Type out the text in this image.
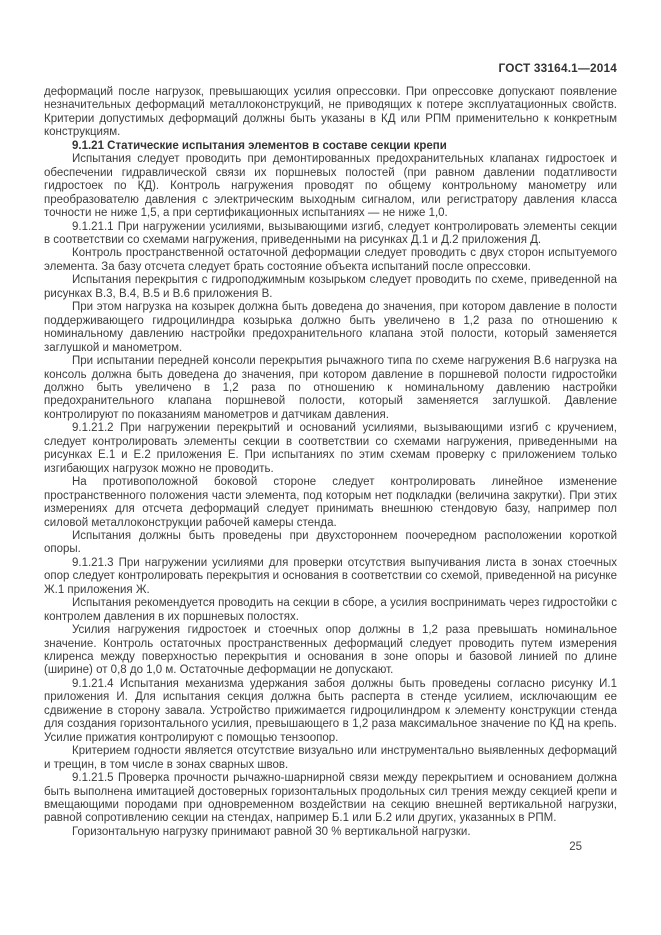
ГОСТ 33164.1—2014

деформаций после нагрузок, превышающих усилия опрессовки. При опрессовке допускают появление незначительных деформаций металлоконструкций, не приводящих к потере эксплуатационных свойств. Критерии допустимых деформаций должны быть указаны в КД или РПМ применительно к конкретным конструкциям.

9.1.21 Статические испытания элементов в составе секции крепи

Испытания следует проводить при демонтированных предохранительных клапанах гидростоек и обеспечении гидравлической связи их поршневых полостей (при равном давлении податливости гидростоек по КД). Контроль нагружения проводят по общему контрольному манометру или преобразователю давления с электрическим выходным сигналом, или регистратору давления класса точности не ниже 1,5, а при сертификационных испытаниях — не ниже 1,0.

9.1.21.1 При нагружении усилиями, вызывающими изгиб, следует контролировать элементы секции в соответствии со схемами нагружения, приведенными на рисунках Д.1 и Д.2 приложения Д.

Контроль пространственной остаточной деформации следует проводить с двух сторон испытуемого элемента. За базу отсчета следует брать состояние объекта испытаний после опрессовки.

Испытания перекрытия с гидроподжимным козырьком следует проводить по схеме, приведенной на рисунках В.3, В.4, В.5 и В.6 приложения В.

При этом нагрузка на козырек должна быть доведена до значения, при котором давление в полости поддерживающего гидроцилиндра козырька должно быть увеличено в 1,2 раза по отношению к номинальному давлению настройки предохранительного клапана этой полости, который заменяется заглушкой и манометром.

При испытании передней консоли перекрытия рычажного типа по схеме нагружения В.6 нагрузка на консоль должна быть доведена до значения, при котором давление в поршневой полости гидростойки должно быть увеличено в 1,2 раза по отношению к номинальному давлению настройки предохранительного клапана поршневой полости, который заменяется заглушкой. Давление контролируют по показаниям манометров и датчикам давления.

9.1.21.2 При нагружении перекрытий и оснований усилиями, вызывающими изгиб с кручением, следует контролировать элементы секции в соответствии со схемами нагружения, приведенными на рисунках Е.1 и Е.2 приложения Е. При испытаниях по этим схемам проверку с приложением только изгибающих нагрузок можно не проводить.

На противоположной боковой стороне следует контролировать линейное изменение пространственного положения части элемента, под которым нет подкладки (величина закрутки). При этих измерениях для отсчета деформаций следует принимать внешнюю стендовую базу, например пол силовой металлоконструкции рабочей камеры стенда.

Испытания должны быть проведены при двухстороннем поочередном расположении короткой опоры.

9.1.21.3 При нагружении усилиями для проверки отсутствия выпучивания листа в зонах стоечных опор следует контролировать перекрытия и основания в соответствии со схемой, приведенной на рисунке Ж.1 приложения Ж.

Испытания рекомендуется проводить на секции в сборе, а усилия воспринимать через гидростойки с контролем давления в их поршневых полостях.

Усилия нагружения гидростоек и стоечных опор должны в 1,2 раза превышать номинальное значение. Контроль остаточных пространственных деформаций следует проводить путем измерения клиренса между поверхностью перекрытия и основания в зоне опоры и базовой линией по длине (ширине) от 0,8 до 1,0 м. Остаточные деформации не допускают.

9.1.21.4 Испытания механизма удержания забоя должны быть проведены согласно рисунку И.1 приложения И. Для испытания секция должна быть расперта в стенде усилием, исключающим ее сдвижение в сторону завала. Устройство прижимается гидроцилиндром к элементу конструкции стенда для создания горизонтального усилия, превышающего в 1,2 раза максимальное значение по КД на крепь. Усилие прижатия контролируют с помощью тензоопор.

Критерием годности является отсутствие визуально или инструментально выявленных деформаций и трещин, в том числе в зонах сварных швов.

9.1.21.5 Проверка прочности рычажно-шарнирной связи между перекрытием и основанием должна быть выполнена имитацией достоверных горизонтальных продольных сил трения между секцией крепи и вмещающими породами при одновременном воздействии на секцию внешней вертикальной нагрузки, равной сопротивлению секции на стендах, например Б.1 или Б.2 или других, указанных в РПМ.

Горизонтальную нагрузку принимают равной 30 % вертикальной нагрузки.

25
